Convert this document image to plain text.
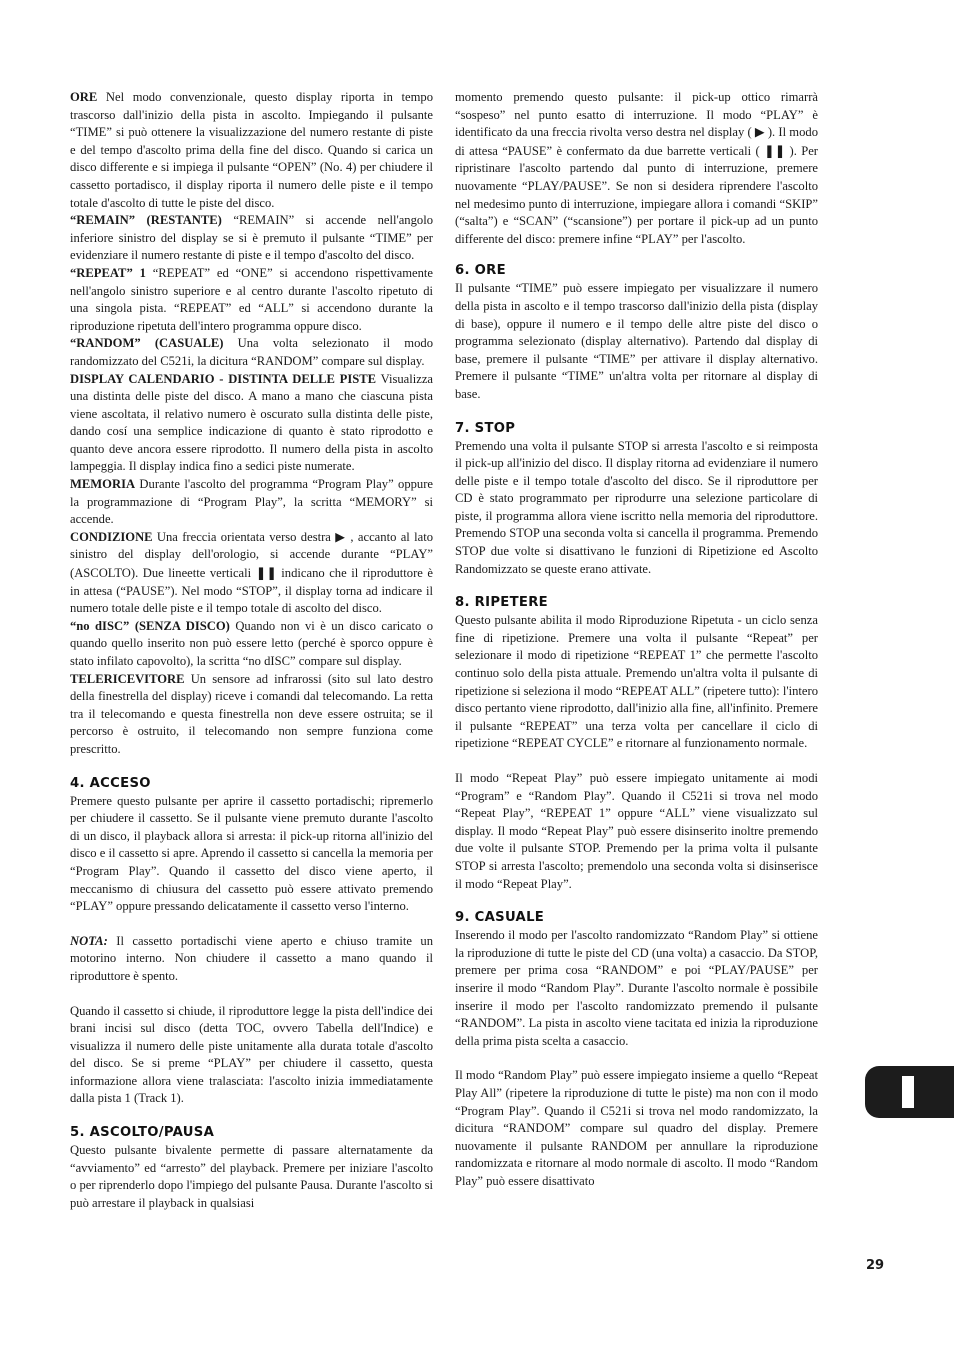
ORE Nel modo convenzionale, questo display riporta in tempo trascorso dall'inizio della pista in ascolto. Impiegando il pulsante “TIME” si può ottenere la visualizzazione del numero restante di piste e del tempo d'ascolto prima della fine del disco. Quando si carica un disco differente e si impiega il pulsante “OPEN” (No. 4) per chiudere il cassetto portadisco, il display riporta il numero delle piste e il tempo totale d'ascolto di tutte le piste del disco.

“REMAIN” (RESTANTE) “REMAIN” si accende nell'angolo inferiore sinistro del display se si è premuto il pulsante “TIME” per evidenziare il numero restante di piste e il tempo d'ascolto del disco.

“REPEAT” 1 “REPEAT” ed “ONE” si accendono rispettivamente nell'angolo sinistro superiore e al centro durante l'ascolto ripetuto di una singola pista. “REPEAT” ed “ALL” si accendono durante la riproduzione ripetuta dell'intero programma oppure disco.

“RANDOM” (CASUALE) Una volta selezionato il modo randomizzato del C521i, la dicitura “RANDOM” compare sul display.

DISPLAY CALENDARIO - DISTINTA DELLE PISTE Visualizza una distinta delle piste del disco. A mano a mano che ciascuna pista viene ascoltata, il relativo numero è oscurato sulla distinta delle piste, dando cosí una semplice indicazione di quanto è stato riprodotto e quanto deve ancora essere riprodotto. Il numero della pista in ascolto lampeggia. Il display indica fino a sedici piste numerate.

MEMORIA Durante l'ascolto del programma “Program Play” oppure la programmazione di “Program Play”, la scritta “MEMORY” si accende.

CONDIZIONE Una freccia orientata verso destra ▶ , accanto al lato sinistro del display dell'orologio, si accende durante “PLAY” (ASCOLTO). Due lineette verticali ❚❚ indicano che il riproduttore è in attesa (“PAUSE”). Nel modo “STOP”, il display torna ad indicare il numero totale delle piste e il tempo totale di ascolto del disco.

“no dISC” (SENZA DISCO) Quando non vi è un disco caricato o quando quello inserito non può essere letto (perché è sporco oppure è stato infilato capovolto), la scritta “no dISC” compare sul display.

TELERICEVITORE Un sensore ad infrarossi (sito sul lato destro della finestrella del display) riceve i comandi dal telecomando. La retta tra il telecomando e questa finestrella non deve essere ostruita; se il percorso è ostruito, il telecomando non sempre funziona come prescritto.

4. ACCESO

Premere questo pulsante per aprire il cassetto portadischi; ripremerlo per chiudere il cassetto. Se il pulsante viene premuto durante l'ascolto di un disco, il playback allora si arresta: il pick-up ritorna all'inizio del disco e il cassetto si apre. Aprendo il cassetto si cancella la memoria per “Program Play”. Quando il cassetto del disco viene aperto, il meccanismo di chiusura del cassetto può essere attivato premendo “PLAY” oppure pressando delicatamente il cassetto verso l'interno.

NOTA: Il cassetto portadischi viene aperto e chiuso tramite un motorino interno. Non chiudere il cassetto a mano quando il riproduttore è spento.

Quando il cassetto si chiude, il riproduttore legge la pista dell'indice dei brani incisi sul disco (detta TOC, ovvero Tabella dell'Indice) e visualizza il numero delle piste unitamente alla durata totale d'ascolto del disco. Se si preme “PLAY” per chiudere il cassetto, questa informazione allora viene tralasciata: l'ascolto inizia immediatamente dalla pista 1 (Track 1).

5. ASCOLTO/PAUSA

Questo pulsante bivalente permette di passare alternatamente da “avviamento” ed “arresto” del playback. Premere per iniziare l'ascolto o per riprenderlo dopo l'impiego del pulsante Pausa. Durante l'ascolto si può arrestare il playback in qualsiasi

momento premendo questo pulsante: il pick-up ottico rimarrà “sospeso” nel punto esatto di interruzione. Il modo “PLAY” è identificato da una freccia rivolta verso destra nel display ( ▶ ). Il modo di attesa “PAUSE” è confermato da due barrette verticali ( ❚❚ ). Per ripristinare l'ascolto partendo dal punto di interruzione, premere nuovamente “PLAY/PAUSE”. Se non si desidera riprendere l'ascolto nel medesimo punto di interruzione, impiegare allora i comandi “SKIP” (“salta”) e “SCAN” (“scansione”) per portare il pick-up ad un punto differente del disco: premere infine “PLAY” per l'ascolto.

6. ORE

Il pulsante “TIME” può essere impiegato per visualizzare il numero della pista in ascolto e il tempo trascorso dall'inizio della pista (display di base), oppure il numero e il tempo delle altre piste del disco o programma selezionato (display alternativo). Partendo dal display di base, premere il pulsante “TIME” per attivare il display alternativo. Premere il pulsante “TIME” un'altra volta per ritornare al display di base.

7. STOP

Premendo una volta il pulsante STOP si arresta l'ascolto e si reimposta il pick-up all'inizio del disco. Il display ritorna ad evidenziare il numero delle piste e il tempo totale d'ascolto del disco. Se il riproduttore per CD è stato programmato per riprodurre una selezione particolare di piste, il programma allora viene iscritto nella memoria del riproduttore. Premendo STOP una seconda volta si cancella il programma. Premendo STOP due volte si disattivano le funzioni di Ripetizione ed Ascolto Randomizzato se queste erano attivate.

8. RIPETERE

Questo pulsante abilita il modo Riproduzione Ripetuta - un ciclo senza fine di ripetizione. Premere una volta il pulsante “Repeat” per selezionare il modo di ripetizione “REPEAT 1” che permette l'ascolto continuo solo della pista attuale. Premendo un'altra volta il pulsante di ripetizione si seleziona il modo “REPEAT ALL” (ripetere tutto): l'intero disco pertanto viene riprodotto, dall'inizio alla fine, all'infinito. Premere il pulsante “REPEAT” una terza volta per cancellare il ciclo di ripetizione “REPEAT CYCLE” e ritornare al funzionamento normale.

Il modo “Repeat Play” può essere impiegato unitamente ai modi “Program” e “Random Play”. Quando il C521i si trova nel modo “Repeat Play”, “REPEAT 1” oppure “ALL” viene visualizzato sul display. Il modo “Repeat Play” può essere disinserito inoltre premendo due volte il pulsante STOP. Premendo per la prima volta il pulsante STOP si arresta l'ascolto; premendolo una seconda volta si disinserisce il modo “Repeat Play”.

9. CASUALE

Inserendo il modo per l'ascolto randomizzato “Random Play” si ottiene la riproduzione di tutte le piste del CD (una volta) a casaccio. Da STOP, premere per prima cosa “RANDOM” e poi “PLAY/PAUSE” per inserire il modo “Random Play”. Durante l'ascolto normale è possibile inserire il modo per l'ascolto randomizzato premendo il pulsante “RANDOM”. La pista in ascolto viene tacitata ed inizia la riproduzione della prima pista scelta a casaccio.

Il modo “Random Play” può essere impiegato insieme a quello “Repeat Play All” (ripetere la riproduzione di tutte le piste) ma non con il modo “Program Play”. Quando il C521i si trova nel modo randomizzato, la dicitura “RANDOM” compare sul quadro del display. Premere nuovamente il pulsante RANDOM per annullare la riproduzione randomizzata e ritornare al modo normale di ascolto. Il modo “Random Play” può essere disattivato

29
